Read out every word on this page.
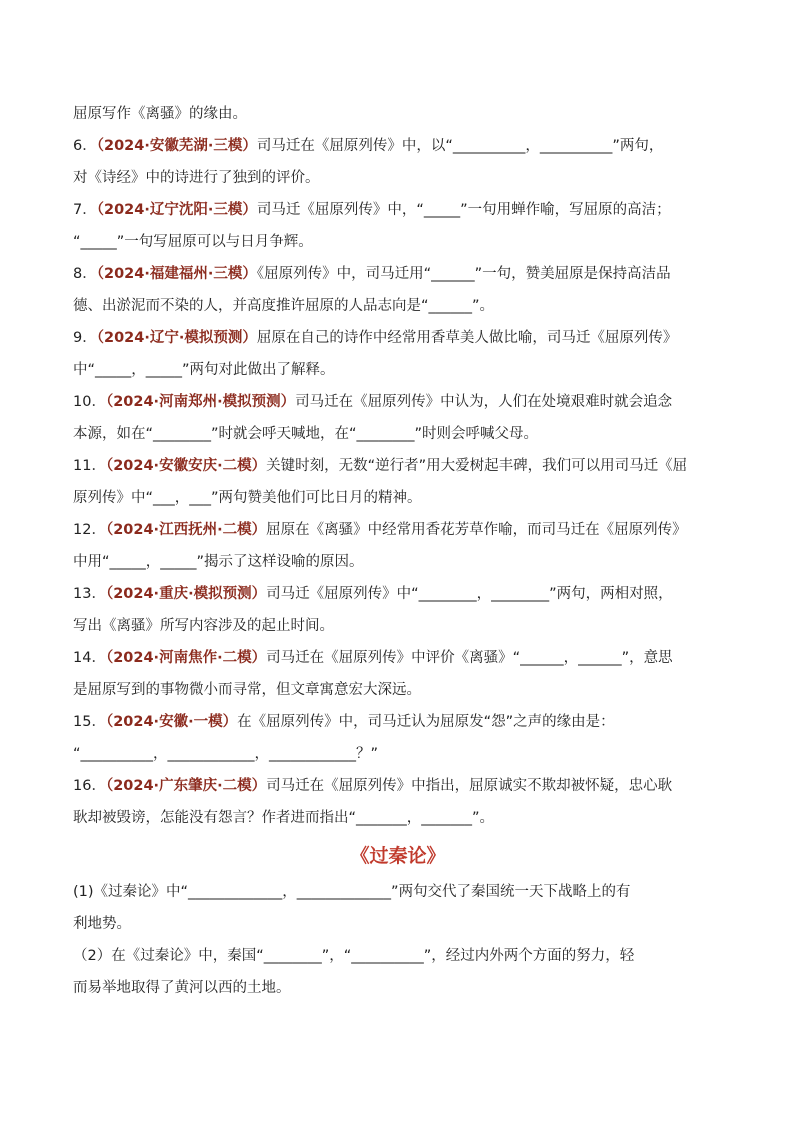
屈原写作《离骚》的缘由。
6．（2024·安徽芜湖·三模）司马迁在《屈原列传》中，以“__________，__________”两句，
对《诗经》中的诗进行了独到的评价。
7．（2024·辽宁沈阳·三模）司马迁《屈原列传》中，“_____”一句用蝉作喻，写屈原的高洁；
“_____”一句写屈原可以与日月争辉。
8．（2024·福建福州·三模）《屈原列传》中，司马迁用“______”一句，赞美屈原是保持高洁品
德、出淤泥而不染的人，并高度推许屈原的人品志向是“______”。
9．（2024·辽宁·模拟预测）屈原在自己的诗作中经常用香草美人做比喻，司马迁《屈原列传》
中“_____，_____”两句对此做出了解释。
10．（2024·河南郑州·模拟预测）司马迁在《屈原列传》中认为，人们在处境艰难时就会追念
本源，如在“________”时就会呼天喊地，在“________”时则会呼喊父母。
11．（2024·安徽安庆·二模）关键时刻，无数“逆行者”用大爱树起丰碑，我们可以用司马迁《屈
原列传》中“___，___”两句赞美他们可比日月的精神。
12．（2024·江西抚州·二模）屈原在《离骚》中经常用香花芳草作喻，而司马迁在《屈原列传》
中用“_____，_____”揭示了这样设喻的原因。
13．（2024·重庆·模拟预测）司马迁《屈原列传》中“________，________”两句，两相对照，
写出《离骚》所写内容涉及的起止时间。
14．（2024·河南焦作·二模）司马迁在《屈原列传》中评价《离骚》“______，______”，意思
是屈原写到的事物微小而寻常，但文章寓意宏大深远。
15．（2024·安徽·一模）在《屈原列传》中，司马迁认为屈原发“怨”之声的缘由是：
“__________，____________，____________？”
16．（2024·广东肇庆·二模）司马迁在《屈原列传》中指出，屈原诚实不欺却被怀疑，忠心耿
耿却被毁谤，怎能没有怨言？作者进而指出“_______，_______”。
《过秦论》
(1)《过秦论》中“_____________，_____________”两句交代了秦国统一天下战略上的有
利地势。
（2）在《过秦论》中，秦国“________”，“__________”，经过内外两个方面的努力，轻
而易举地取得了黄河以西的土地。
